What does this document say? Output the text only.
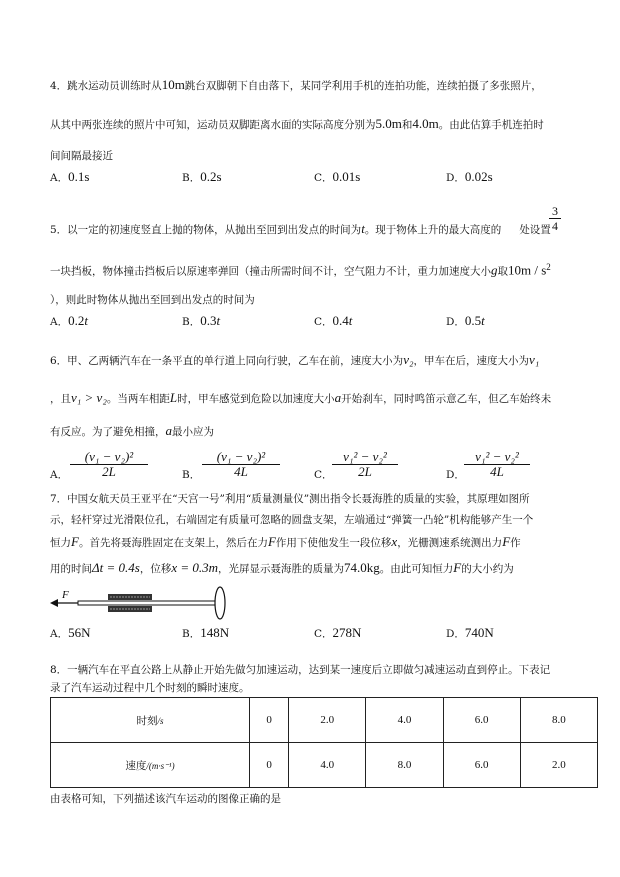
4．跳水运动员训练时从10m跳台双脚朝下自由落下，某同学利用手机的连拍功能，连续拍摄了多张照片，
从其中两张连续的照片中可知，运动员双脚距离水面的实际高度分别为5.0m和4.0m。由此估算手机连拍时
间间隔最接近
A．0.1s	B．0.2s	C．0.01s	D．0.02s
$\frac{3}{4}$
5．以一定的初速度竖直上抛的物体，从抛出至回到出发点的时间为t。现于物体上升的最大高度的 处设置
一块挡板，物体撞击挡板后以原速率弹回（撞击所需时间不计，空气阻力不计，重力加速度大小g取$10m / s^2$
），则此时物体从抛出至回到出发点的时间为
A．0.2t	B．0.3t	C．0.4t	D．0.5t
6．甲、乙两辆汽车在一条平直的单行道上同向行驶，乙车在前，速度大小为v₂，甲车在后，速度大小为v₁
，且v₁ > v₂。当两车相距L时，甲车感觉到危险以加速度大小a开始刹车，同时鸣笛示意乙车，但乙车始终未
有反应。为了避免相撞，a最小应为
A． $\frac{\text{(v₁ − v₂)²}}{2L}$	B． $\frac{\text{(v₁ − v₂)²}}{4L}$	C． $\frac{\text{v₁² − v₂²}}{2L}$	D． $\frac{\text{v₁² − v₂²}}{4L}$
7．中国女航天员王亚平在“天宫一号”利用“质量测量仪”测出指令长聂海胜的质量的实验，其原理如图所
示，轻杆穿过光滑限位孔，右端固定有质量可忽略的圆盘支架，左端通过“弹簧一凸轮”机构能够产生一个
恒力F。首先将聂海胜固定在支架上，然后在力F作用下使他发生一段位移x，光栅测速系统测出力F作
用的时间Δt = 0.4s，位移x = 0.3m，光屏显示聂海胜的质量为74.0kg。由此可知恒力F的大小约为
F
A．56N	B．148N	C．278N	D．740N
8．一辆汽车在平直公路上从静止开始先做匀加速运动，达到某一速度后立即做匀减速运动直到停止。下表记
录了汽车运动过程中几个时刻的瞬时速度。
时刻/s	0	2.0	4.0	6.0	8.0
速度/(m·s⁻¹)	0	4.0	8.0	6.0	2.0
由表格可知，下列描述该汽车运动的图像正确的是
